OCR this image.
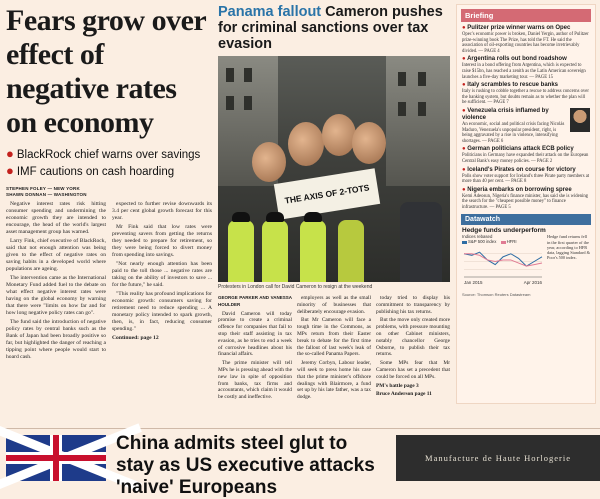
Fears grow over effect of negative rates on economy
● BlackRock chief warns over savings
● IMF cautions on cash hoarding
STEPHEN FOLEY — NEW YORK
SHAWN DONNAN — WASHINGTON

Negative interest rates risk hitting consumer spending and undermining the economic growth they are intended to encourage, the head of the world's largest asset management group has warned.

Larry Fink, chief executive of BlackRock, said that not enough attention was being given to the effect of negative rates on saving habits in a developed world where populations are ageing.

The intervention came as the International Monetary Fund added fuel to the debate on what effect negative interest rates were having on the global economy by warning that there were "limits on how far and for how long negative policy rates can go".

The fund said the introduction of negative policy rates by central banks such as the Bank of Japan had been broadly positive so far, but highlighted the danger of reaching a tipping point where people would start to hoard cash.

expected to further revise downwards its 3.4 per cent global growth forecast for this year.

Mr Fink said that low rates were preventing savers from getting the returns they needed to prepare for retirement, so they were being forced to divert money from spending into savings.

"Not nearly enough attention has been paid to the toll those ... negative rates are taking on the ability of investors to save ... for the future," he said.

"This reality has profound implications for economic growth: consumers saving for retirement need to reduce spending ... A monetary policy intended to spark growth, then, is, in fact, reducing consumer spending."

Continued: page 12

Panama fallout Cameron pushes for criminal sanctions over tax evasion
THE AXIS OF 2-TOTS
Protesters in London call for David Cameron to resign at the weekend

GEORGE PARKER AND VANESSA HOULDER

David Cameron will today promise to create a criminal offence for companies that fail to stop their staff assisting in tax evasion, as he tries to end a week of corrosive headlines about his financial affairs.

The prime minister will tell MPs he is pressing ahead with the new law in spite of opposition from banks, tax firms and accountants, which claim it would be costly and ineffective.

employers as well as the small minority of businesses that deliberately encourage evasion.

But Mr Cameron will face a tough time in the Commons, as MPs return from their Easter break to debate for the first time the fallout of last week's leak of the so-called Panama Papers.

Jeremy Corbyn, Labour leader, will seek to press home his case that the prime minister's offshore dealings with Blairmore, a fund set up by his late father, was a tax dodge.

today tried to display his commitment to transparency by publishing his tax returns.

But the move only created more problems, with pressure mounting on other Cabinet ministers, notably chancellor George Osborne, to publish their tax returns.

Some MPs fear that Mr Cameron has set a precedent that could be forced on all MPs.

PM's battle page 3

Bruce Anderson page 11

Briefing
● Pulitzer prize winner warns on Opec
Opec's economic power is broken, Daniel Yergin, author of Pulitzer prize-winning book The Prize, has told the FT. He said the association of oil-exporting countries has become irretrievably divided. — PAGE 4
● Argentina rolls out bond roadshow
Interest in a bond offering from Argentina, which is expected to raise $15bn, has reached a zenith as the Latin American sovereign launches a five-day marketing tour. — PAGE 15
● Italy scrambles to rescue banks
Italy is rushing to cobble together a rescue to address concerns over the banking system, but doubts remain as to whether the plan will be sufficient. — PAGE 7
● Venezuela crisis inflamed by violence
An economic, social and political crisis facing Nicolás Maduro, Venezuela's unpopular president, right, is being aggravated by a rise in violence, intensifying shortages. — PAGE 6
● German politicians attack ECB policy
Politicians in Germany have expanded their attack on the European Central Bank's easy money policies. — PAGE 2
● Iceland's Pirates on course for victory
Polls show voter support for Iceland's three Pirate party members at more than 40 per cent. — PAGE 8
● Nigeria embarks on borrowing spree
Kemi Adeosun, Nigeria's finance minister, has said she is widening the search for the "cheapest possible money" to finance infrastructure. — PAGE 5
Datawatch
Hedge funds underperform
Indices rebased
S&P 500 index HFRI
Jan 2015	Apr 2016
Hedge fund returns fell in the first quarter of the year, according to HFR data, lagging Standard & Poor's 500 index.
Source: Thomson Reuters Datastream
China admits steel glut to stay as US executive attacks 'naive' Europeans
Manufacture de Haute Horlogerie
